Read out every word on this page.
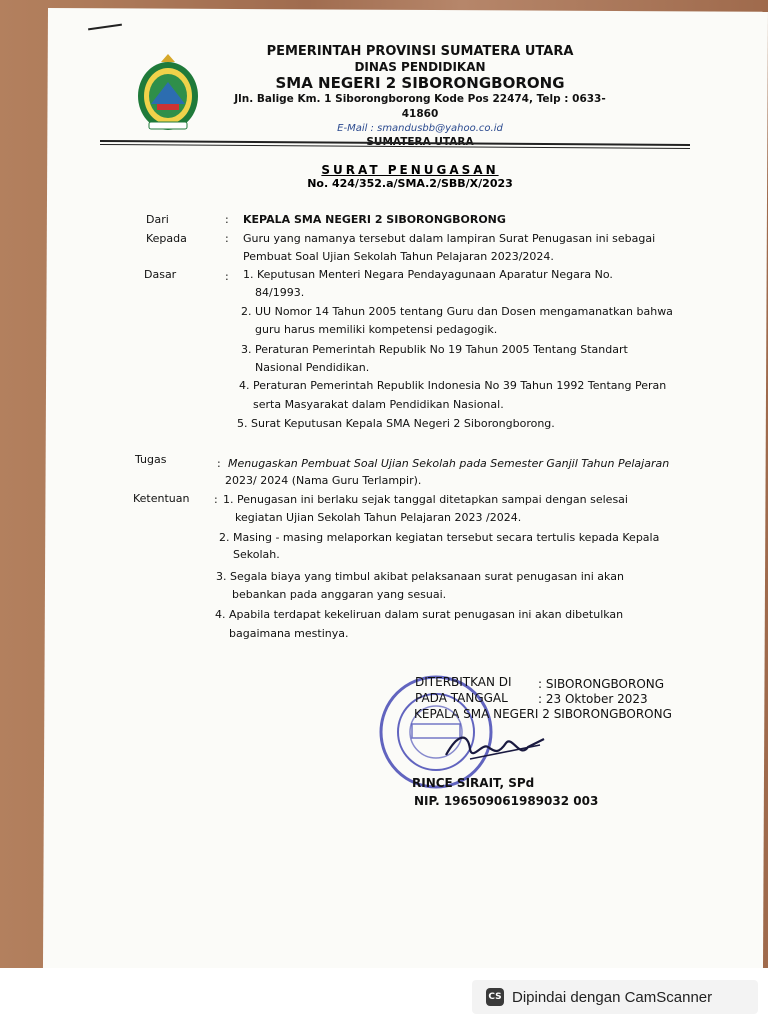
PEMERINTAH PROVINSI SUMATERA UTARA
DINAS PENDIDIKAN
SMA NEGERI 2 SIBORONGBORONG
Jln. Balige Km. 1 Siborongborong Kode Pos 22474, Telp : 0633-41860
E-Mail : smandusbb@yahoo.co.id
SURAT PENUGASAN
No. 424/352.a/SMA.2/SBB/X/2023
Dari	: KEPALA SMA NEGERI 2 SIBORONGBORONG
Kepada	: Guru yang namanya tersebut dalam lampiran Surat Penugasan ini sebagai
Pembuat Soal Ujian Sekolah Tahun Pelajaran 2023/2024.
Dasar	: 1. Keputusan Menteri Negara Pendayagunaan Aparatur Negara No.
84/1993.
2. UU Nomor 14 Tahun 2005 tentang Guru dan Dosen mengamanatkan bahwa
guru harus memiliki kompetensi pedagogik.
3. Peraturan Pemerintah Republik No 19 Tahun 2005 Tentang Standart
Nasional Pendidikan.
4. Peraturan Pemerintah Republik Indonesia No 39 Tahun 1992 Tentang Peran
serta Masyarakat dalam Pendidikan Nasional.
5. Surat Keputusan Kepala SMA Negeri 2 Siborongborong.
Tugas	: Menugaskan Pembuat Soal Ujian Sekolah pada Semester Ganjil Tahun Pelajaran
2023/ 2024 (Nama Guru Terlampir).
Ketentuan : 1. Penugasan ini berlaku sejak tanggal ditetapkan sampai dengan selesai
kegiatan Ujian Sekolah Tahun Pelajaran 2023 /2024.
2. Masing - masing melaporkan kegiatan tersebut secara tertulis kepada Kepala
Sekolah.
3. Segala biaya yang timbul akibat pelaksanaan surat penugasan ini akan
bebankan pada anggaran yang sesuai.
4. Apabila terdapat kekeliruan dalam surat penugasan ini akan dibetulkan
bagaimana mestinya.
DITERBITKAN DI : SIBORONGBORONG
PADA TANGGAL	: 23 Oktober 2023
KEPALA SMA NEGERI 2 SIBORONGBORONG
RINCE SIRAIT, SPd
NIP. 196509061989032 003
CS Dipindai dengan CamScanner
